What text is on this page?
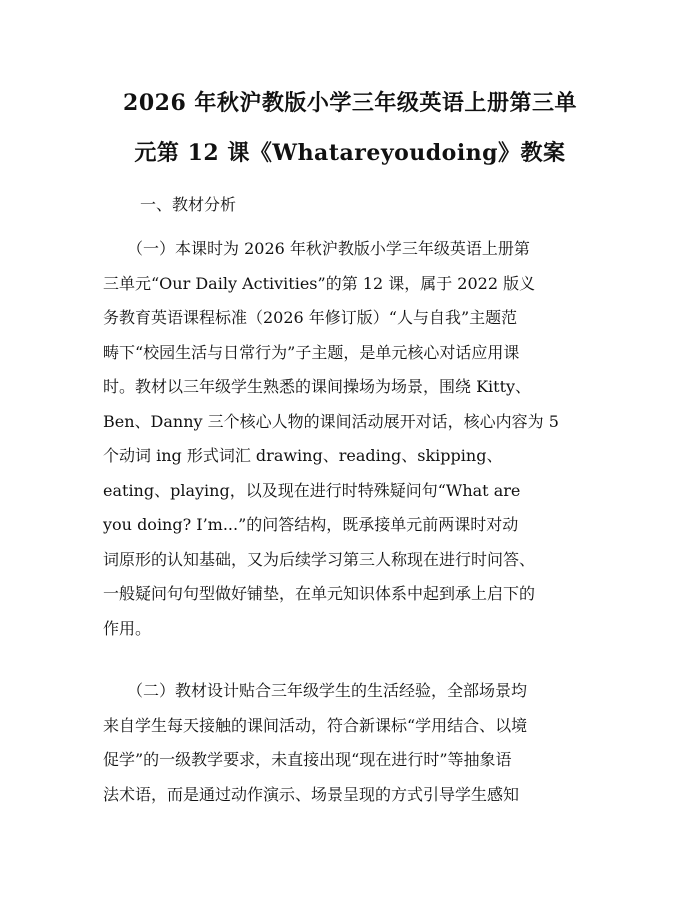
2026 年秋沪教版小学三年级英语上册第三单
元第 12 课《Whatareyoudoing》教案
一、教材分析
　　（一）本课时为 2026 年秋沪教版小学三年级英语上册第
三单元“Our Daily Activities”的第 12 课，属于 2022 版义
务教育英语课程标准（2026 年修订版）“人与自我”主题范
畴下“校园生活与日常行为”子主题，是单元核心对话应用课
时。教材以三年级学生熟悉的课间操场为场景，围绕 Kitty、
Ben、Danny 三个核心人物的课间活动展开对话，核心内容为 5
个动词 ing 形式词汇 drawing、reading、skipping、
eating、playing，以及现在进行时特殊疑问句“What are
you doing? I’m...”的问答结构，既承接单元前两课时对动
词原形的认知基础，又为后续学习第三人称现在进行时问答、
一般疑问句句型做好铺垫，在单元知识体系中起到承上启下的
作用。
　　（二）教材设计贴合三年级学生的生活经验，全部场景均
来自学生每天接触的课间活动，符合新课标“学用结合、以境
促学”的一级教学要求，未直接出现“现在进行时”等抽象语
法术语，而是通过动作演示、场景呈现的方式引导学生感知
